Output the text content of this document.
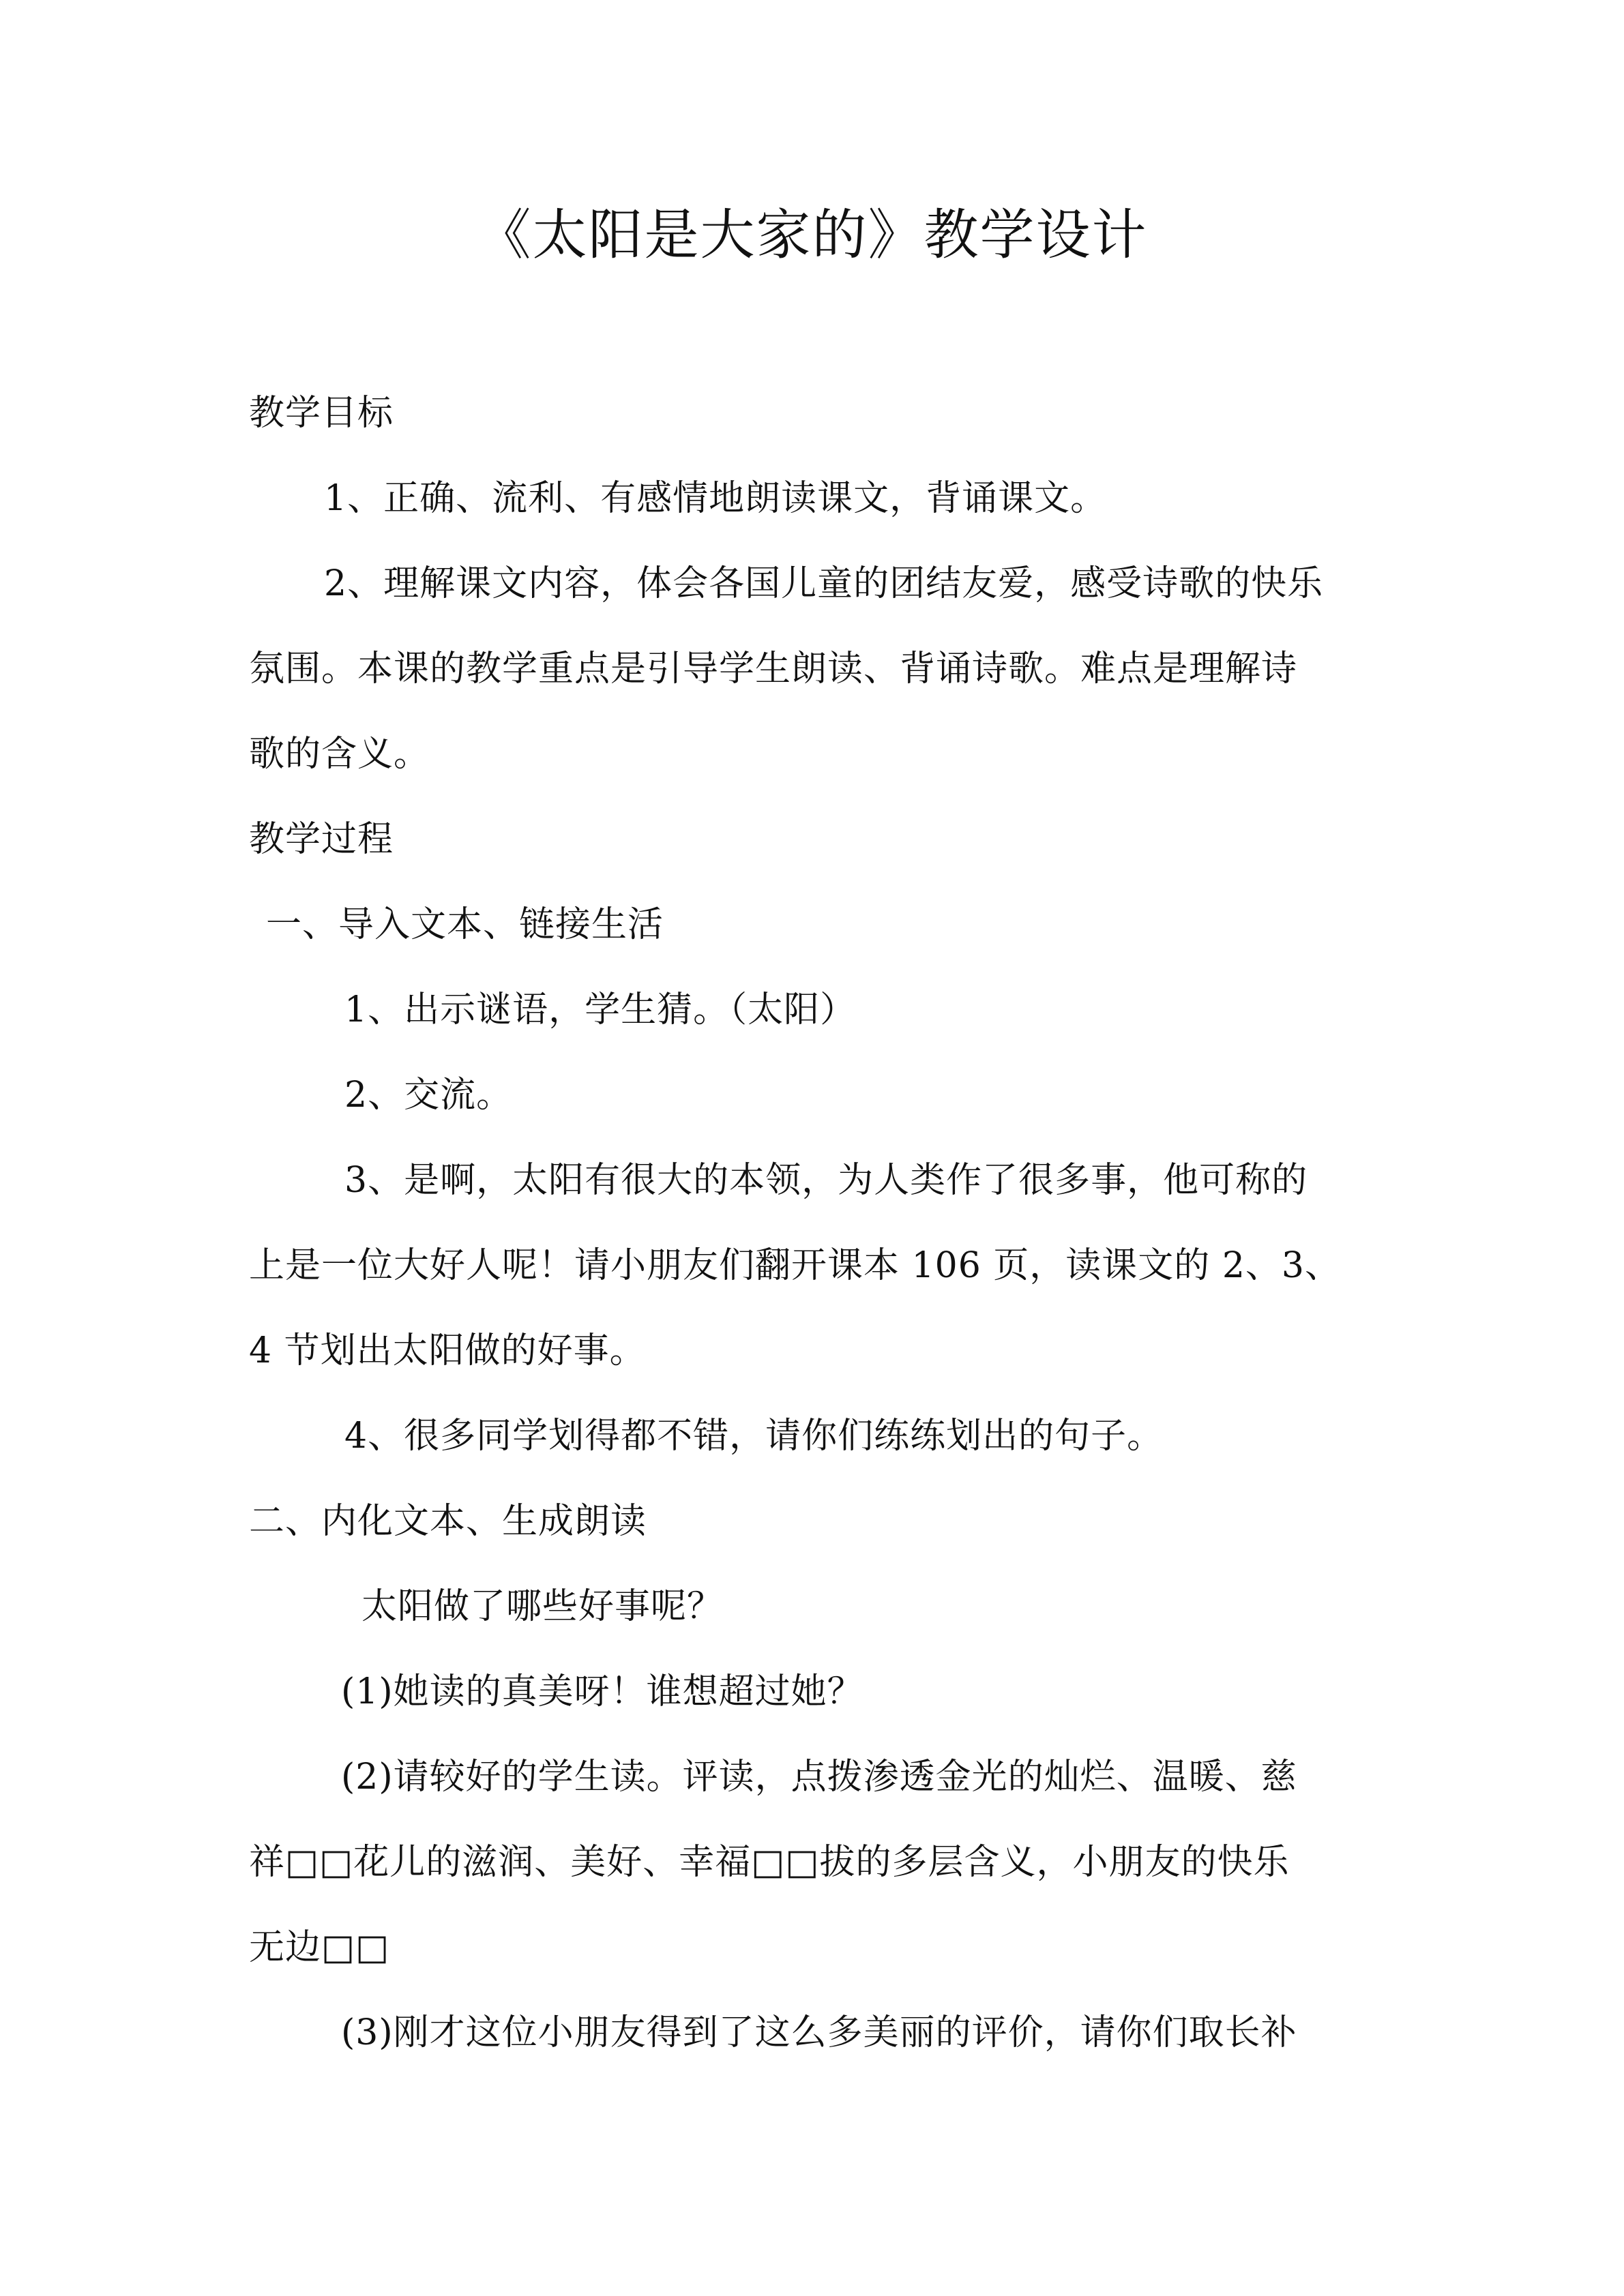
《太阳是大家的》教学设计
教学目标
1、正确、流利、有感情地朗读课文，背诵课文。
2、理解课文内容，体会各国儿童的团结友爱，感受诗歌的快乐
氛围。本课的教学重点是引导学生朗读、背诵诗歌。难点是理解诗
歌的含义。
教学过程
一、导入文本、链接生活
1、出示谜语，学生猜。（太阳）
2、交流。
3、是啊，太阳有很大的本领，为人类作了很多事，他可称的
上是一位大好人呢！请小朋友们翻开课本 106 页，读课文的 2、3、
4 节划出太阳做的好事。
4、很多同学划得都不错，请你们练练划出的句子。
二、内化文本、生成朗读
太阳做了哪些好事呢？
(1)她读的真美呀！谁想超过她？
(2)请较好的学生读。评读，点拨渗透金光的灿烂、温暖、慈
祥□□花儿的滋润、美好、幸福□□拔的多层含义，小朋友的快乐
无边□□
(3)刚才这位小朋友得到了这么多美丽的评价，请你们取长补
